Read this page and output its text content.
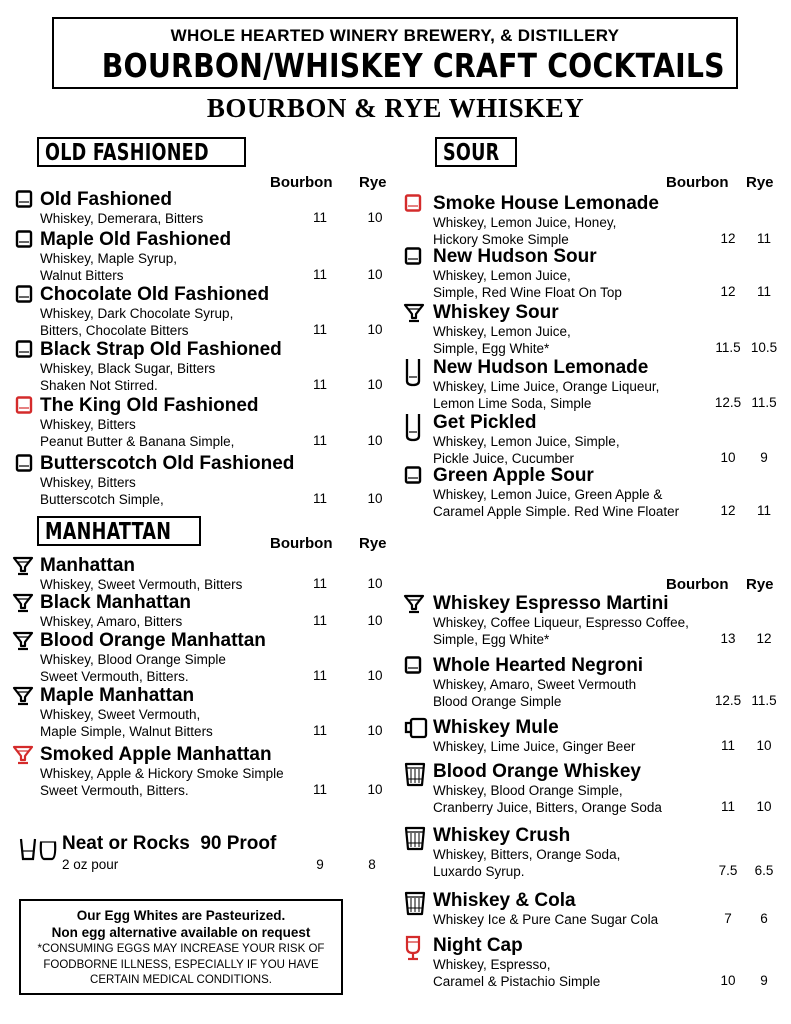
WHOLE HEARTED WINERY BREWERY, & DISTILLERY
BOURBON/WHISKEY CRAFT COCKTAILS
BOURBON & RYE WHISKEY
OLD FASHIONED
MANHATTAN
SOUR
Bourbon Rye
Bourbon Rye
Bourbon Rye
Bourbon Rye
Old Fashioned
Whiskey, Demerara, Bitters	11	10
Maple Old Fashioned
Whiskey, Maple Syrup,
Walnut Bitters	11	10
Chocolate Old Fashioned
Whiskey, Dark Chocolate Syrup,
Bitters, Chocolate Bitters	11	10
Black Strap Old Fashioned
Whiskey, Black Sugar, Bitters
Shaken Not Stirred.	11	10
The King Old Fashioned
Whiskey, Bitters
Peanut Butter & Banana Simple,	11	10
Butterscotch Old Fashioned
Whiskey, Bitters
Butterscotch Simple,	11	10
Manhattan
Whiskey, Sweet Vermouth, Bitters	11	10
Black Manhattan
Whiskey, Amaro, Bitters	11	10
Blood Orange Manhattan
Whiskey, Blood Orange Simple
Sweet Vermouth, Bitters.	11	10
Maple Manhattan
Whiskey, Sweet Vermouth,
Maple Simple, Walnut Bitters	11	10
Smoked Apple Manhattan
Whiskey, Apple & Hickory Smoke Simple
Sweet Vermouth, Bitters.	11	10
Smoke House Lemonade
Whiskey, Lemon Juice, Honey,
Hickory Smoke Simple	12	11
New Hudson Sour
Whiskey, Lemon Juice,
Simple, Red Wine Float On Top	12	11
Whiskey Sour
Whiskey, Lemon Juice,
Simple, Egg White*	11.5 10.5
New Hudson Lemonade
Whiskey, Lime Juice, Orange Liqueur,
Lemon Lime Soda, Simple	12.5 11.5
Get Pickled
Whiskey, Lemon Juice, Simple,
Pickle Juice, Cucumber	10	9
Green Apple Sour
Whiskey, Lemon Juice, Green Apple &
Caramel Apple Simple. Red Wine Floater	12	11
Whiskey Espresso Martini
Whiskey, Coffee Liqueur, Espresso Coffee,
Simple, Egg White*	13	12
Whole Hearted Negroni
Whiskey, Amaro, Sweet Vermouth
Blood Orange Simple	12.5 11.5
Whiskey Mule
Whiskey, Lime Juice, Ginger Beer	11	10
Blood Orange Whiskey
Whiskey, Blood Orange Simple,
Cranberry Juice, Bitters, Orange Soda	11	10
Whiskey Crush
Whiskey, Bitters, Orange Soda,
Luxardo Syrup.	7.5	6.5
Whiskey & Cola
Whiskey Ice & Pure Cane Sugar Cola	7	6
Night Cap
Whiskey, Espresso,
Caramel & Pistachio Simple	10	9
Neat or Rocks  90 Proof
2 oz pour	9	8
Our Egg Whites are Pasteurized.
Non egg alternative available on request
*CONSUMING EGGS MAY INCREASE YOUR RISK OF FOODBORNE ILLNESS, ESPECIALLY IF YOU HAVE CERTAIN MEDICAL CONDITIONS.
